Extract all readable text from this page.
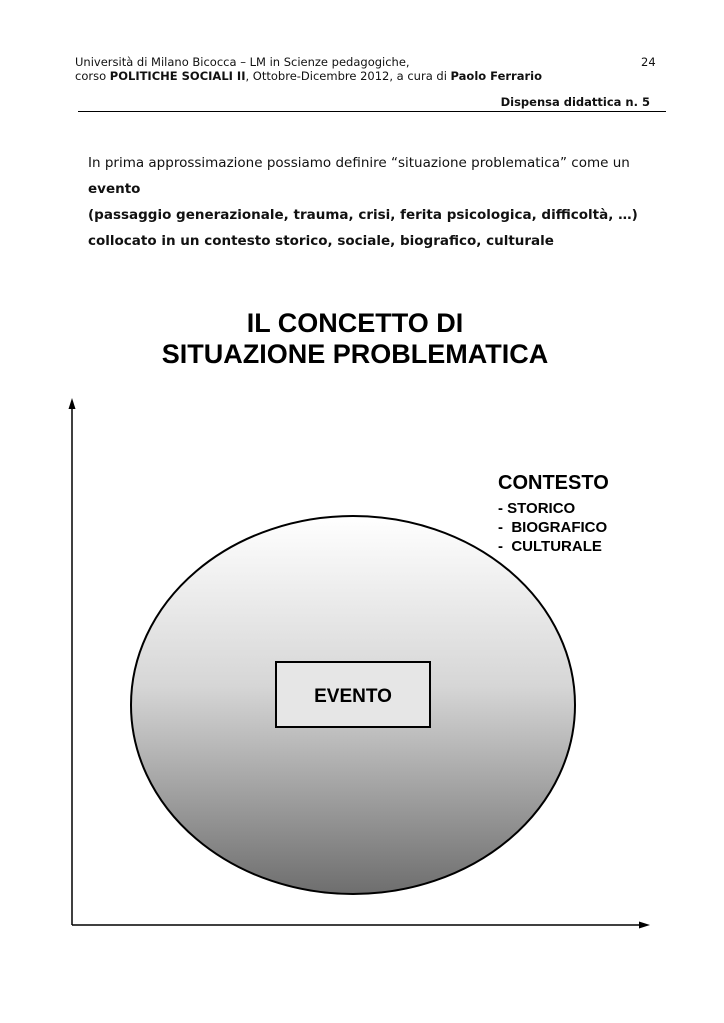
Università di Milano Bicocca – LM in Scienze pedagogiche,
corso POLITICHE SOCIALI II, Ottobre-Dicembre 2012, a cura di Paolo Ferrario
24
Dispensa didattica n. 5
In prima approssimazione possiamo definire “situazione problematica” come un
evento
(passaggio generazionale, trauma, crisi, ferita psicologica, difficoltà, …)
collocato in un contesto storico, sociale, biografico, culturale
IL CONCETTO DI
SITUAZIONE PROBLEMATICA
EVENTO
CONTESTO
- STORICO
-  BIOGRAFICO
-  CULTURALE
